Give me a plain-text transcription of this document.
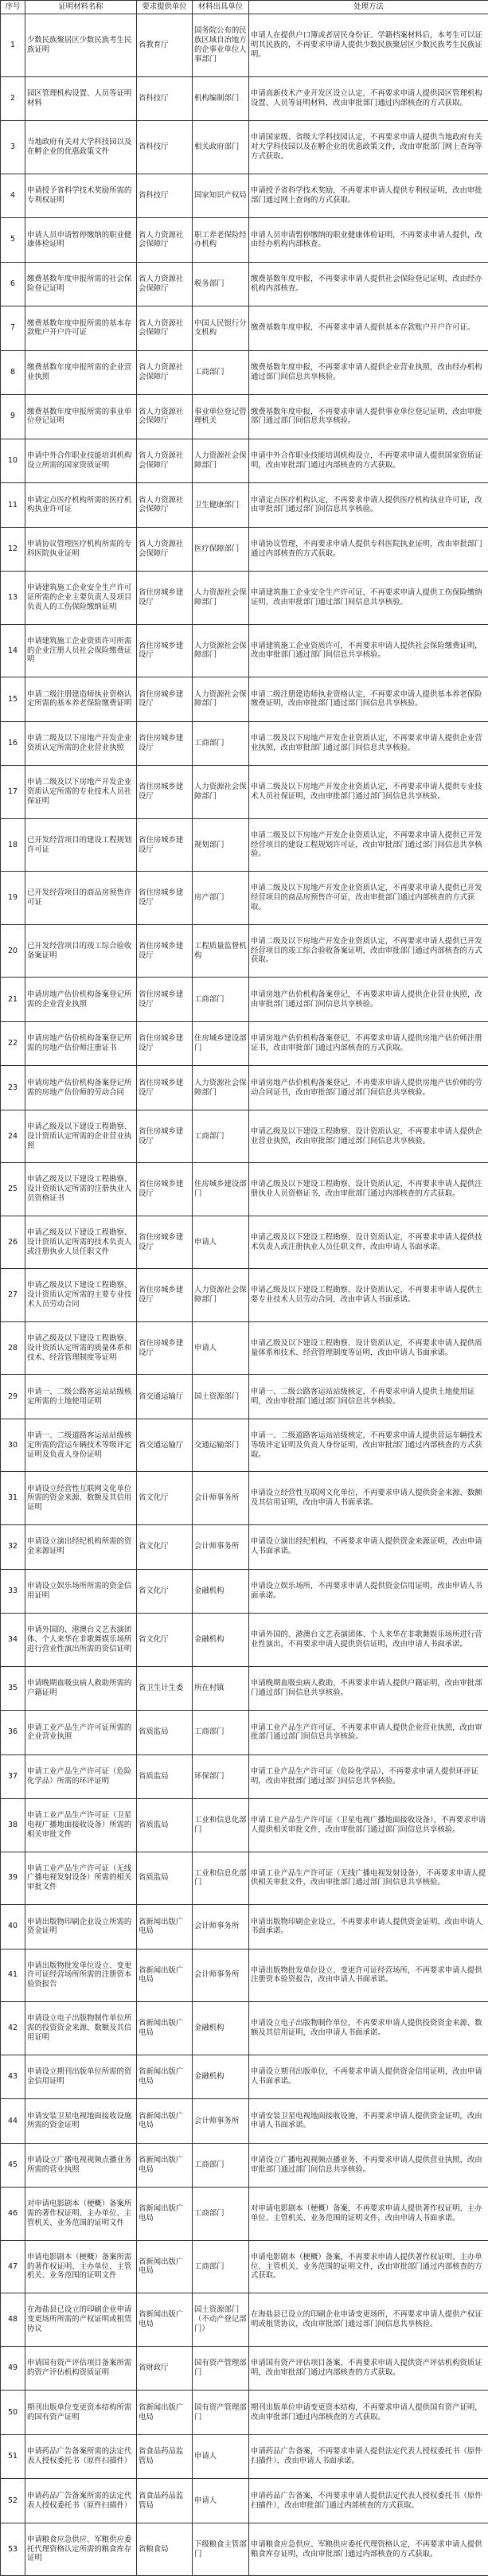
序号	证明材料名称	要求提供单位	材料出具单位	处理方法
1	少数民族聚居区少数民族考生民族证明	省教育厅	国务院公布的民族区域自治地方的企事业单位人事部门	申请人在提供户口簿或者居民身份证、学籍档案材料后，本考生可以证明其民族的，不再要求申请人提供少数民族聚居区少数民族考生民族证明。
2	园区管理机构设置、人员等证明材料	省科技厅	机构编制部门	申请高新技术产业开发区设立认定，不再要求申请人提供园区管理机构设置、人员等证明材料，改由审批部门通过内部核查的方式获取。
3	当地政府有关对大学科技园以及在孵企业的优惠政策文件	省科技厅	相关政府部门	申请国家级、省级大学科技园认定，不再要求申请人提供当地政府有关对大学科技园以及在孵企业的优惠政策文件，改由审批部门网上查询等方式获取。
4	申请授予省科学技术奖励所需的专利权证明	省科技厅	国家知识产权局	申请授予省科学技术奖励，不再要求申请人提供专利权证明，改由审批部门通过网上查询的方式获取。
5	申请人员申请暂停缴纳的职业健康体检证明	省人力资源社会保障厅	职工养老保险经办机构	申请人员申请暂停缴纳的职业健康体检证明，不再要求申请人提供，改由经办机构内部核查。
6	缴费基数年度申报所需的社会保险登记证明	省人力资源社会保障厅	税务部门	缴费基数年度申报，不再要求申请人提供社会保险登记证明，改由经办机构内部核查。
7	缴费基数年度申报所需的基本存款账户开户许可证	省人力资源社会保障厅	中国人民银行分支机构	缴费基数年度申报，不再要求申请人提供基本存款账户开户许可证。
8	缴费基数年度申报所需的企业营业执照	省人力资源社会保障厅	工商部门	缴费基数年度申报，不再要求申请人提供企业营业执照，改由经办机构通过部门间信息共享核验。
9	缴费基数年度申报所需的事业单位登记证明	省人力资源社会保障厅	事业单位登记管理机关	缴费基数年度申报，不再要求申请人提供事业单位登记证明，改由审批部门通过部门间信息共享核验。
10	申请中外合作职业技能培训机构设立所需的国家资质证明	省人力资源社会保障厅	人力资源社会保障部门	申请中外合作职业技能培训机构设立，不再要求申请人提供国家资质证明，改由审批部门通过内部核查的方式获取。
11	申请定点医疗机构所需的医疗机构执业许可证	省人力资源社会保障厅	卫生健康部门	申请定点医疗机构认定，不再要求申请人提供医疗机构执业许可证，改由审批部门通过部门间信息共享核验。
12	申请协议管理医疗机构所需的专科医院执业证明	省人力资源社会保障厅	医疗保障部门	申请协议管理，不再要求申请人提供专科医院执业证明，改由审批部门通过内部核查的方式获取。
13	申请建筑施工企业安全生产许可证所需的企业主要负责人及项目负责人的工伤保险缴纳证明	省住房城乡建设厅	人力资源社会保障部门	申请建筑施工企业安全生产许可证，不再要求申请人提供工伤保险缴纳证明，改由审批部门通过部门间信息共享核验。
14	申请建筑施工企业资质许可所需的企业注册人员社会保险缴费证明	省住房城乡建设厅	人力资源社会保障部门	申请建筑施工企业资质许可，不再要求申请人提供社会保险缴费证明，改由审批部门通过部门间信息共享核验。
15	申请二级注册建造师执业资格认定所需的基本养老保险缴费证明	省住房城乡建设厅	人力资源社会保障部门	申请二级注册建造师执业资格认定，不再要求申请人提供基本养老保险缴费证明，改由审批部门通过部门间信息共享核验。
16	申请二级及以下房地产开发企业资质认定所需的企业营业执照	省住房城乡建设厅	工商部门	申请二级及以下房地产开发企业资质认定，不再要求申请人提供企业营业执照，改由审批部门通过部门间信息共享核验。
17	申请二级及以下房地产开发企业资质认定所需的专业技术人员社保证明	省住房城乡建设厅	人力资源社会保障部门	申请二级及以下房地产开发企业资质认定，不再要求申请人提供专业技术人员社保证明，改由审批部门通过部门间信息共享核验。
18	已开发经营项目的建设工程规划许可证	省住房城乡建设厅	规划部门	申请二级及以下房地产开发企业资质认定，不再要求申请人提供已开发经营项目的建设工程规划许可证，改由审批部门通过部门间信息共享核验。
19	已开发经营项目的商品房预售许可证	省住房城乡建设厅	房产部门	申请二级及以下房地产开发企业资质认定，不再要求申请人提供已开发经营项目的商品房预售许可证，改由审批部门通过内部核查的方式获取。
20	已开发经营项目的竣工综合验收备案证明	省住房城乡建设厅	工程质量监督机构	申请二级及以下房地产开发企业资质认定，不再要求申请人提供已开发经营项目的竣工综合验收备案证明，改由审批部门通过内部核查的方式获取。
21	申请房地产估价机构备案登记所需的企业营业执照	省住房城乡建设厅	工商部门	申请房地产估价机构备案登记，不再要求申请人提供企业营业执照，改由审批部门通过部门间信息共享核验。
22	申请房地产估价机构备案登记所需的房地产估价师注册证书	省住房城乡建设厅	住房城乡建设部门	申请房地产估价机构备案登记，不再要求申请人提供房地产估价师注册证书，改由审批部门通过内部核查的方式获取。
23	申请房地产估价机构备案登记所需的房地产估价师的劳动合同	省住房城乡建设厅	人力资源社会保障部门	申请房地产估价机构备案登记，不再要求申请人提供房地产估价师的劳动合同证书，改由审批部门通过部门间信息共享核验。
24	申请乙级及以下建设工程勘察、设计资质认定所需的企业营业执照	省住房城乡建设厅	工商部门	申请乙级及以下建设工程勘察、设计资质认定，不再要求申请人提供企业营业执照，改由审批部门通过部门间信息共享核验。
25	申请乙级及以下建设工程勘察、设计资质认定所需的注册执业人员资格证书	省住房城乡建设厅	住房城乡建设部门	申请乙级及以下建设工程勘察、设计资质认定，不再要求申请人提供注册执业人员资格证书，改由审批部门通过内部核查的方式获取。
26	申请乙级及以下建设工程勘察、设计资质认定所需的技术负责人或注册执业人员任职文件	省住房城乡建设厅	申请人	申请乙级及以下建设工程勘察、设计资质认定，不再要求申请人提供技术负责人或注册执业人员任职文件，改由申请人书面承诺。
27	申请乙级及以下建设工程勘察、设计资质认定所需的主要专业技术人员劳动合同	省住房城乡建设厅	人力资源社会保障部门	申请乙级及以下建设工程勘察、设计资质认定，不再要求申请人提供主要专业技术人员劳动合同，改由申请人书面承诺。
28	申请乙级及以下建设工程勘察、设计资质认定所需的质量体系和技术、经营管理制度等证明	省住房城乡建设厅	申请人	申请乙级及以下建设工程勘察、设计资质认定，不再要求申请人提供质量体系和技术、经营管理制度等证明，改由申请人书面承诺。
29	申请一、二级公路客运站站级核定所需的土地使用证明	省交通运输厅	国土资源部门	申请一、二级公路客运站站级核定，不再要求申请人提供土地使用证明，改由审批部门通过部门间信息共享核验。
30	申请一、二级道路客运站站级核定所需的营运车辆技术等级评定证明及负责人身份证明	省交通运输厅	交通运输部门	申请一、二级道路客运站站级核定，不再要求申请人提供营运车辆技术等级评定证明及负责人身份证明，改由审批部门通过内部核查的方式获取。
31	申请设立经营性互联网文化单位所需的资金来源、数额及其信用证明	省文化厅	会计师事务所	申请设立经营性互联网文化单位，不再要求申请人提供资金来源、数额及其信用证明，改由申请人书面承诺。
32	申请设立演出经纪机构所需的资金来源证明	省文化厅	会计师事务所	申请设立演出经纪机构，不再要求申请人提供资金来源证明，改由申请人书面承诺。
33	申请设立娱乐场所所需的资金信用证明	省文化厅	金融机构	申请设立娱乐场所，不再要求申请人提供资金信用证明，改由申请人书面承诺。
34	申请外国的、港澳台文艺表演团体、个人来华在非歌舞娱乐场所进行营业性演出所需的资信证明	省文化厅	金融机构	申请外国的、港澳台文艺表演团体、个人来华在非歌舞娱乐场所进行营业性演出，不再要求申请人提供资信证明，改由申请人书面承诺。
35	申请晚期血吸虫病人救助所需的户籍证明	省卫生计生委	所在村镇	申请晚期血吸虫病人救助，不再要求申请人提供户籍证明，改由审批部门通过部门间信息共享核验。
36	申请工业产品生产许可证所需的企业营业执照	省质监局	工商部门	申请工业产品生产许可证，不再要求申请人提供企业营业执照，改由审批部门通过部门间信息共享核验。
37	申请工业产品生产许可证（危险化学品）所需的环评证明	省质监局	环保部门	申请工业产品生产许可证（危险化学品），不再要求申请人提供环评证明，改由审批部门通过部门间信息共享核验。
38	申请工业产品生产许可证（卫星电视广播地面接收设备）所需的相关审批文件	省质监局	工业和信息化部门	申请工业产品生产许可证（卫星电视广播地面接收设备），不再要求申请人提供相关审批文件，改由审批部门通过部门间信息共享核验。
39	申请工业产品生产许可证（无线广播电视发射设备）所需的相关审批文件	省质监局	工业和信息化部门	申请工业产品生产许可证（无线广播电视发射设备），不再要求申请人提供相关审批文件，改由审批部门通过部门间信息共享核验。
40	申请出版物印刷企业设立所需的资金证明	省新闻出版广电局	会计师事务所	申请出版物印刷企业设立，不再要求申请人提供资金证明，改由申请人书面承诺。
41	申请出版物批发单位设立、变更许可证经营场所所需的注册资本验资报告	省新闻出版广电局	会计师事务所	申请出版物批发单位设立、变更许可证经营场所，不再要求申请人提供注册资本验资报告，改由申请人书面承诺。
42	申请设立电子出版物制作单位所需的投资资金来源、数额及其信用证明	省新闻出版广电局	金融机构	申请设立电子出版物制作单位，不再要求申请人提供投资资金来源、数额及其信用证明，改由申请人书面承诺。
43	申请设立期刊出版单位所需的资金信用证明	省新闻出版广电局	金融机构	申请设立期刊出版单位，不再要求申请人提供资金信用证明，改由申请人书面承诺。
44	申请安装卫星电视地面接收设施所需的资金证明	省新闻出版广电局	会计师事务所	申请安装卫星电视地面接收设施，不再要求申请人提供资金证明，改由申请人书面承诺。
45	申请设立广播电视视频点播业务所需的营业执照	省新闻出版广电局	工商部门	申请设立广播电视视频点播业务，不再要求申请人提供营业执照，改由审批部门通过部门间信息共享核验。
46	对申请电影剧本（梗概）备案所需的著作权证明、主办单位、主管机关、业务范围的证明文件	省新闻出版广电局	工商部门	对申请电影剧本（梗概）备案，不再要求申请人提供著作权证明、主办单位、主管机关、业务范围的证明文件，改由申请人书面承诺。
47	申请电影剧本（梗概）备案所需的著作权证明、主办单位、主管机关、业务范围的证明文件	省新闻出版广电局	工商部门	申请电影剧本（梗概）备案，不再要求申请人提供著作权证明、主办单位、主管机关、业务范围的证明文件，改由审批部门通过内部核查的方式获取。
48	在海盐县已设立的印刷企业申请变更场所所需的产权证明或租赁协议	省新闻出版广电局	国土资源部门（不动产登记部门）	在海盐县已设立的印刷企业申请变更场所，不再要求申请人提供产权证明或租赁协议，改由审批部门通过部门间信息共享核验。
49	申请国有资产评估项目备案所需的资产评估机构资质证明	省财政厅	国有资产管理部门	申请国有资产评估项目备案，不再要求申请人提供资产评估机构资质证明，改由审批部门通过内部核查的方式获取。
50	期刊出版单位变更资本结构所需的国有资产证明	省新闻出版广电局	国有资产管理部门	期刊出版单位申请变更资本结构，不再要求申请人提供国有资产证明，改由审批部门通过内部核查的方式获取。
51	申请药品广告备案所需的法定代表人授权委托书（原件扫描件）	省食品药品监管局	申请人	申请药品广告备案，不再要求申请人提供法定代表人授权委托书（原件扫描件），改由申请人书面承诺。
52	申请药品广告备案所需的法定代表人授权委托书（原件扫描件）	省食品药品监管局	申请人	申请药品广告备案，不再要求申请人提供法定代表人授权委托书（原件扫描件），改由审批部门通过内部核查的方式获取。
53	申请粮食应急供应、军粮供应委托代理资格认定所需的粮食库存证明	省粮食局	下级粮食主管部门	申请粮食应急供应、军粮供应委托代理资格认定，不再要求申请人提供粮食库存证明，改由审批部门通过内部核查的方式获取。
